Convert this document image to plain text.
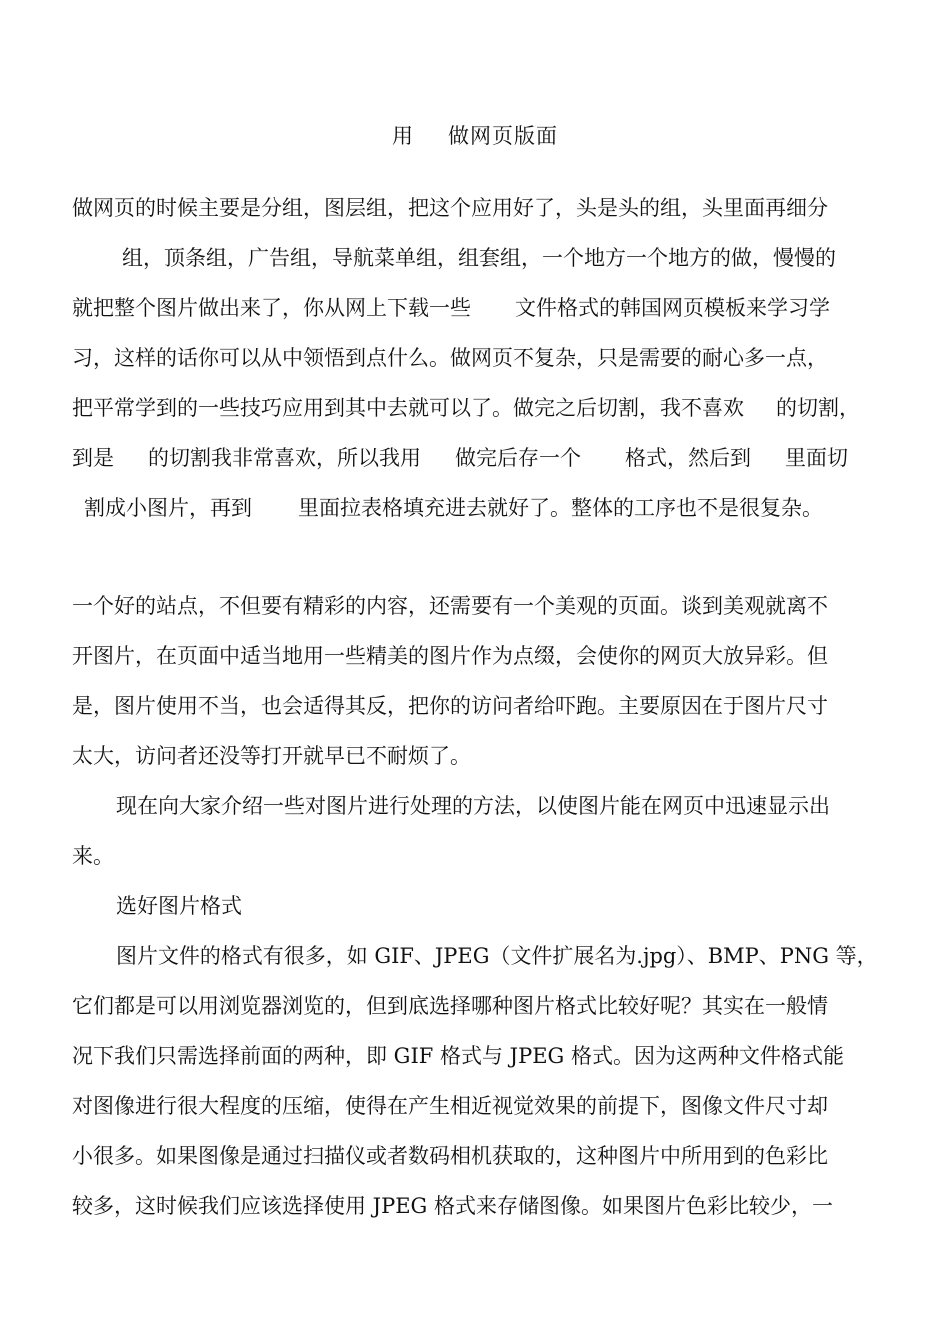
用 做网页版面
做网页的时候主要是分组，图层组，把这个应用好了，头是头的组，头里面再细分
组，顶条组，广告组，导航菜单组，组套组，一个地方一个地方的做，慢慢的
就把整个图片做出来了，你从网上下载一些 文件格式的韩国网页模板来学习学
习，这样的话你可以从中领悟到点什么。做网页不复杂，只是需要的耐心多一点，
把平常学到的一些技巧应用到其中去就可以了。做完之后切割，我不喜欢 的切割，
到是 的切割我非常喜欢，所以我用 做完后存一个 格式，然后到 里面切
割成小图片，再到 里面拉表格填充进去就好了。整体的工序也不是很复杂。
一个好的站点，不但要有精彩的内容，还需要有一个美观的页面。谈到美观就离不
开图片，在页面中适当地用一些精美的图片作为点缀，会使你的网页大放异彩。但
是，图片使用不当，也会适得其反，把你的访问者给吓跑。主要原因在于图片尺寸
太大，访问者还没等打开就早已不耐烦了。
现在向大家介绍一些对图片进行处理的方法，以使图片能在网页中迅速显示出
来。
选好图片格式
图片文件的格式有很多，如 GIF、JPEG（文件扩展名为.jpg）、BMP、PNG 等，
它们都是可以用浏览器浏览的，但到底选择哪种图片格式比较好呢？其实在一般情
况下我们只需选择前面的两种，即 GIF 格式与 JPEG 格式。因为这两种文件格式能
对图像进行很大程度的压缩，使得在产生相近视觉效果的前提下，图像文件尺寸却
小很多。如果图像是通过扫描仪或者数码相机获取的，这种图片中所用到的色彩比
较多，这时候我们应该选择使用 JPEG 格式来存储图像。如果图片色彩比较少，一
